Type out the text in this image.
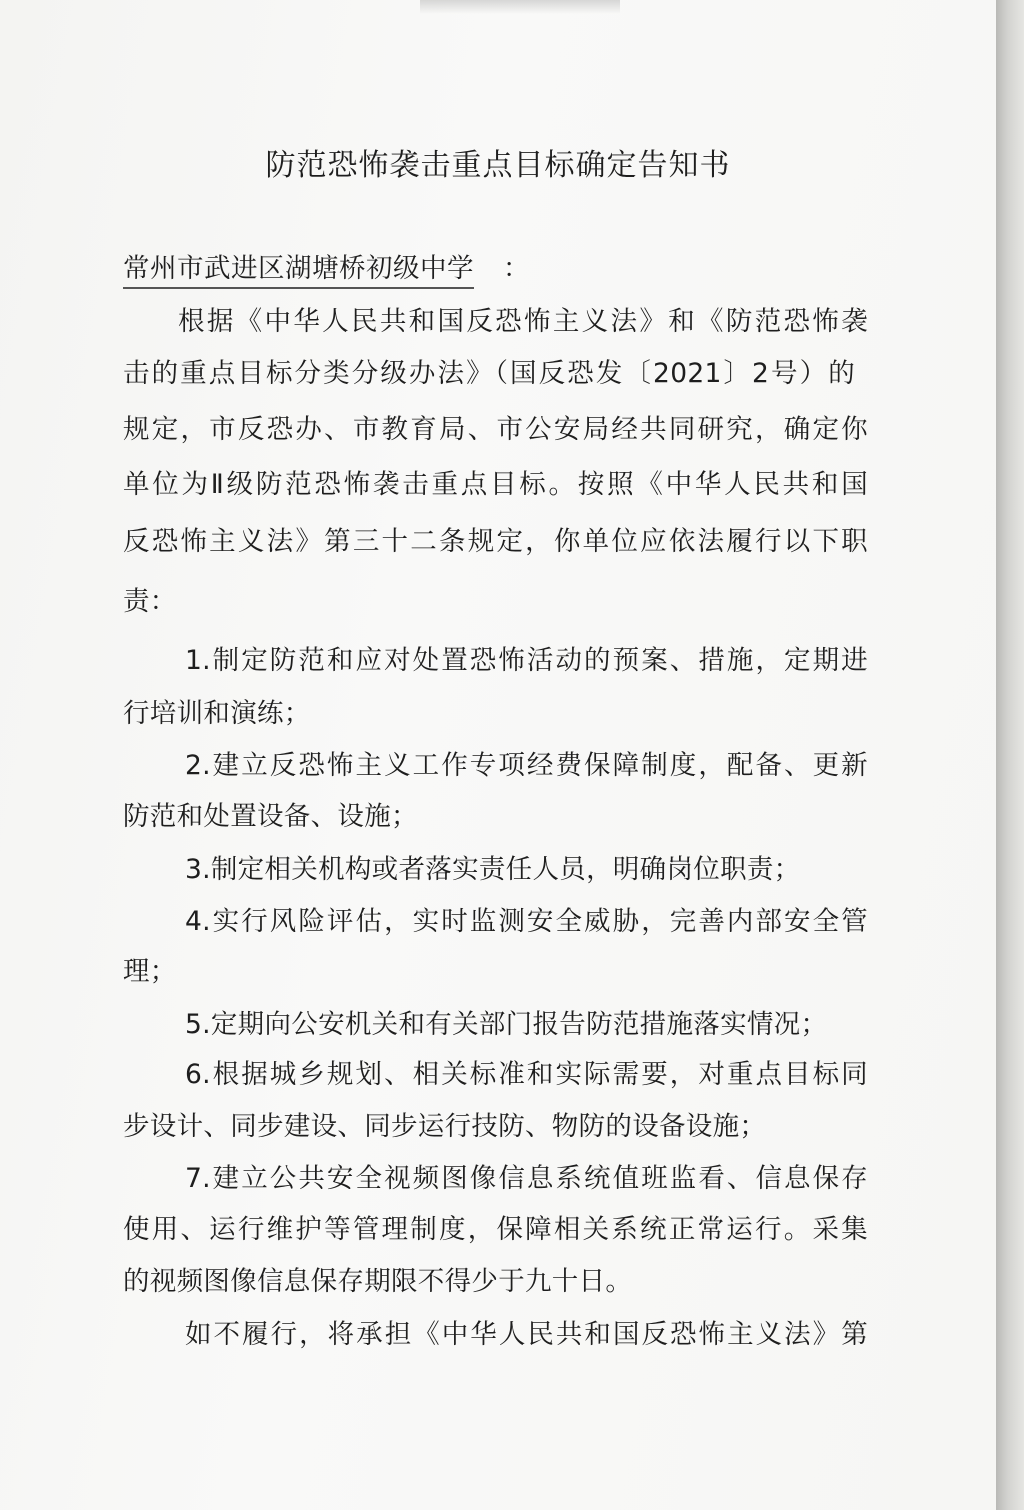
防范恐怖袭击重点目标确定告知书
常州市武进区湖塘桥初级中学 ：
根据《中华人民共和国反恐怖主义法》和《防范恐怖袭
击的重点目标分类分级办法》（国反恐发〔2021〕2号）的
规定，市反恐办、市教育局、市公安局经共同研究，确定你
单位为Ⅱ级防范恐怖袭击重点目标。按照《中华人民共和国
反恐怖主义法》第三十二条规定，你单位应依法履行以下职
责：
1.制定防范和应对处置恐怖活动的预案、措施，定期进
行培训和演练；
2.建立反恐怖主义工作专项经费保障制度，配备、更新
防范和处置设备、设施；
3.制定相关机构或者落实责任人员，明确岗位职责；
4.实行风险评估，实时监测安全威胁，完善内部安全管
理；
5.定期向公安机关和有关部门报告防范措施落实情况；
6.根据城乡规划、相关标准和实际需要，对重点目标同
步设计、同步建设、同步运行技防、物防的设备设施；
7.建立公共安全视频图像信息系统值班监看、信息保存
使用、运行维护等管理制度，保障相关系统正常运行。采集
的视频图像信息保存期限不得少于九十日。
如不履行，将承担《中华人民共和国反恐怖主义法》第
